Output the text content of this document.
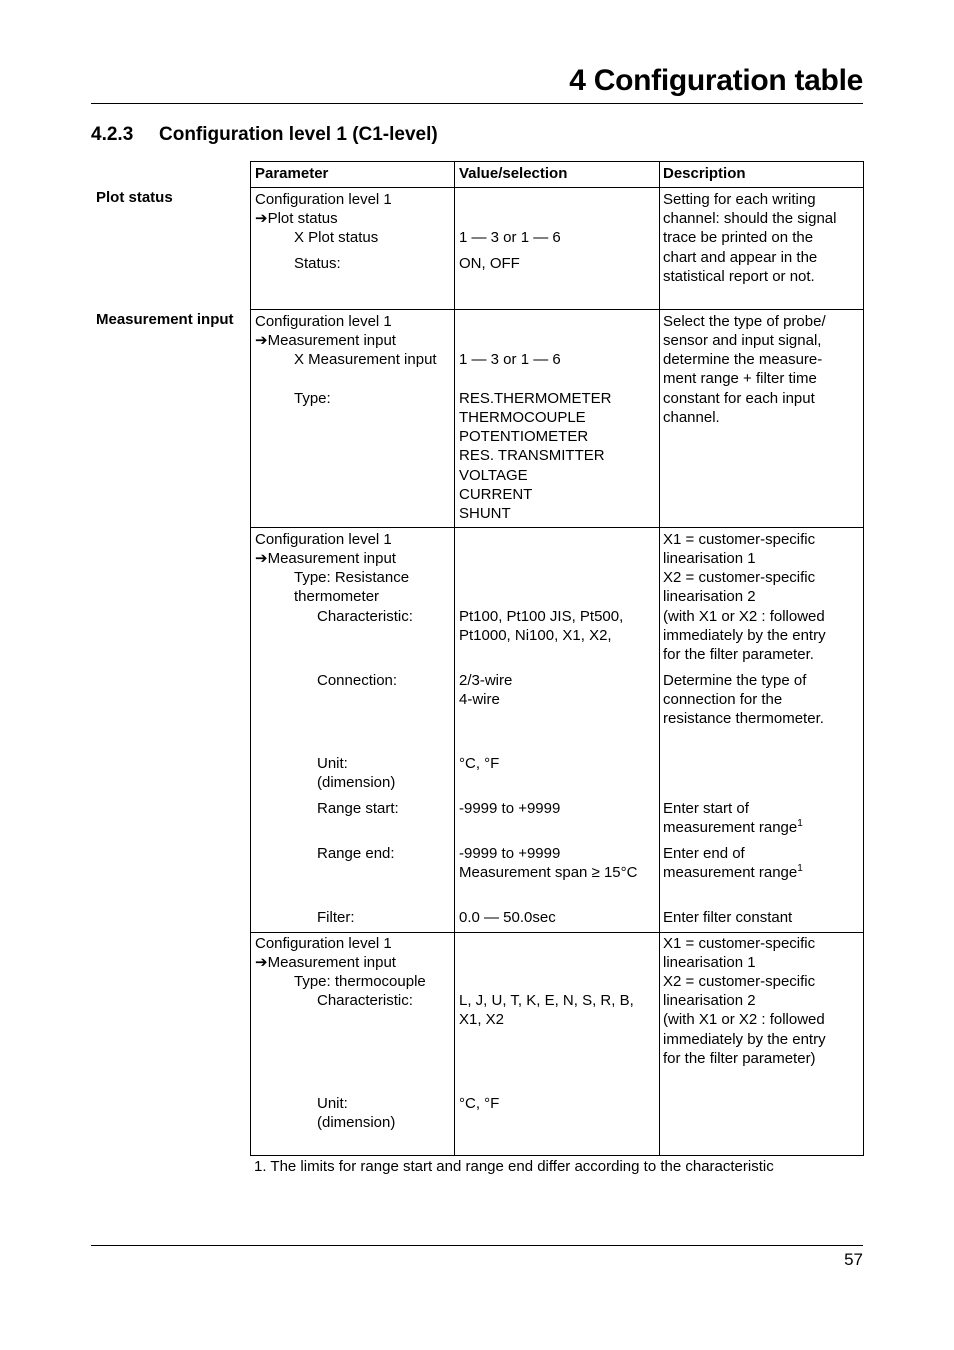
4 Configuration table
4.2.3 Configuration level 1 (C1-level)
Plot status
Measurement input
Parameter	Value/selection	Description
Configuration level 1
➔Plot status
X Plot status
Status:
1 — 3 or 1 — 6
ON, OFF
Setting for each writing
channel: should the signal
trace be printed on the
chart and appear in the
statistical report or not.
Configuration level 1
➔Measurement input
X Measurement input
Type:
1 — 3 or 1 — 6
RES.THERMOMETER
THERMOCOUPLE
POTENTIOMETER
RES. TRANSMITTER
VOLTAGE
CURRENT
SHUNT
Select the type of probe/
sensor and input signal,
determine the measure-
ment range + filter time
constant for each input
channel.
Configuration level 1
➔Measurement input
Type: Resistance
thermometer
Characteristic:
Connection:
Unit:
(dimension)
Range start:
Range end:
Filter:
Pt100, Pt100 JIS, Pt500,
Pt1000, Ni100, X1, X2,
2/3-wire
4-wire
°C, °F
-9999 to +9999
-9999 to +9999
Measurement span ≥ 15°C
0.0 — 50.0sec
X1 = customer-specific
linearisation 1
X2 = customer-specific
linearisation 2
(with X1 or X2 : followed
immediately by the entry
for the filter parameter.
Determine the type of
connection for the
resistance thermometer.
Enter start of
measurement range$^1$
Enter end of
measurement range$^1$
Enter filter constant
Configuration level 1
➔Measurement input
Type: thermocouple
Characteristic:
Unit:
(dimension)
L, J, U, T, K, E, N, S, R, B,
X1, X2
°C, °F
X1 = customer-specific
linearisation 1
X2 = customer-specific
linearisation 2
(with X1 or X2 : followed
immediately by the entry
for the filter parameter)
1. The limits for range start and range end differ according to the characteristic
57
